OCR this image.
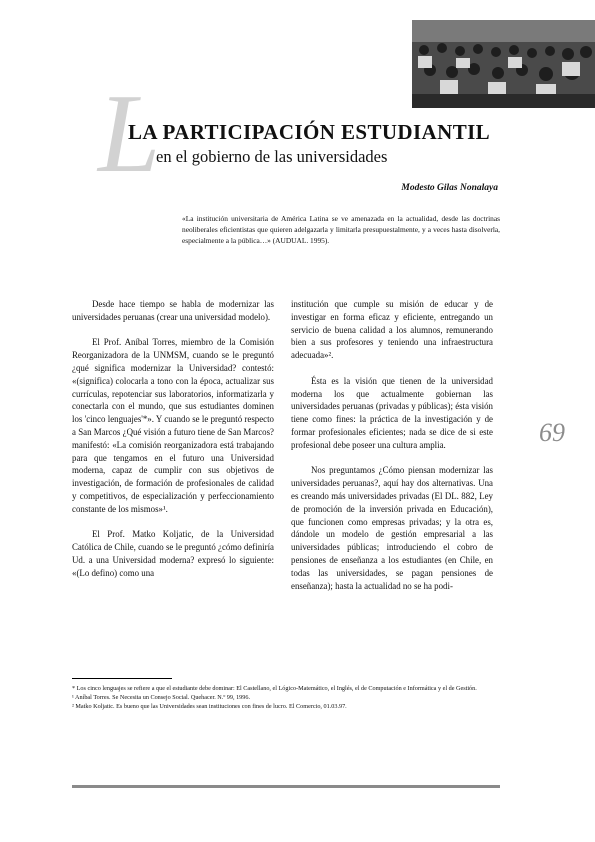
L
LA PARTICIPACIÓN ESTUDIANTIL
en el gobierno de las universidades
Modesto Gilas Nonalaya

«La institución universitaria de América Latina se ve amenazada en la actualidad, desde las doctrinas neoliberales eficientistas que quieren adelgazarla y limitarla presupuestalmente, y a veces hasta disolverla, especialmente a la pública…» (AUDUAL. 1995).

Desde hace tiempo se habla de modernizar las universidades peruanas (crear una universidad modelo).

El Prof. Aníbal Torres, miembro de la Comisión Reorganizadora de la UNMSM, cuando se le preguntó ¿qué significa modernizar la Universidad? contestó: «(significa) colocarla a tono con la época, actualizar sus currículas, repotenciar sus laboratorios, informatizarla y conectarla con el mundo, que sus estudiantes dominen los 'cinco lenguajes'*». Y cuando se le preguntó respecto a San Marcos ¿Qué visión a futuro tiene de San Marcos? manifestó: «La comisión reorganizadora está trabajando para que tengamos en el futuro una Universidad moderna, capaz de cumplir con sus objetivos de investigación, de formación de profesionales de calidad y competitivos, de especialización y perfeccionamiento constante de los mismos»¹.

El Prof. Matko Koljatic, de la Universidad Católica de Chile, cuando se le preguntó ¿cómo definiría Ud. a una Universidad moderna? expresó lo siguiente: «(Lo defino) como una

institución que cumple su misión de educar y de investigar en forma eficaz y eficiente, entregando un servicio de buena calidad a los alumnos, remunerando bien a sus profesores y teniendo una infraestructura adecuada»².

Ésta es la visión que tienen de la universidad moderna los que actualmente gobiernan las universidades peruanas (privadas y públicas); ésta visión tiene como fines: la práctica de la investigación y de formar profesionales eficientes; nada se dice de si este profesional debe poseer una cultura amplia.

Nos preguntamos ¿Cómo piensan modernizar las universidades peruanas?, aquí hay dos alternativas. Una es creando más universidades privadas (El DL. 882, Ley de promoción de la inversión privada en Educación), que funcionen como empresas privadas; y la otra es, dándole un modelo de gestión empresarial a las universidades públicas; introduciendo el cobro de pensiones de enseñanza a los estudiantes (en Chile, en todas las universidades, se pagan pensiones de enseñanza); hasta la actualidad no se ha podi-

69

* Los cinco lenguajes se refiere a que el estudiante debe dominar: El Castellano, el Lógico-Matemático, el Inglés, el de Computación e Informática y el de Gestión.

¹ Aníbal Torres. Se Necesita un Consejo Social. Quehacer. N.º 99, 1996.

² Matko Koljatic. Es bueno que las Universidades sean instituciones con fines de lucro. El Comercio, 01.03.97.
